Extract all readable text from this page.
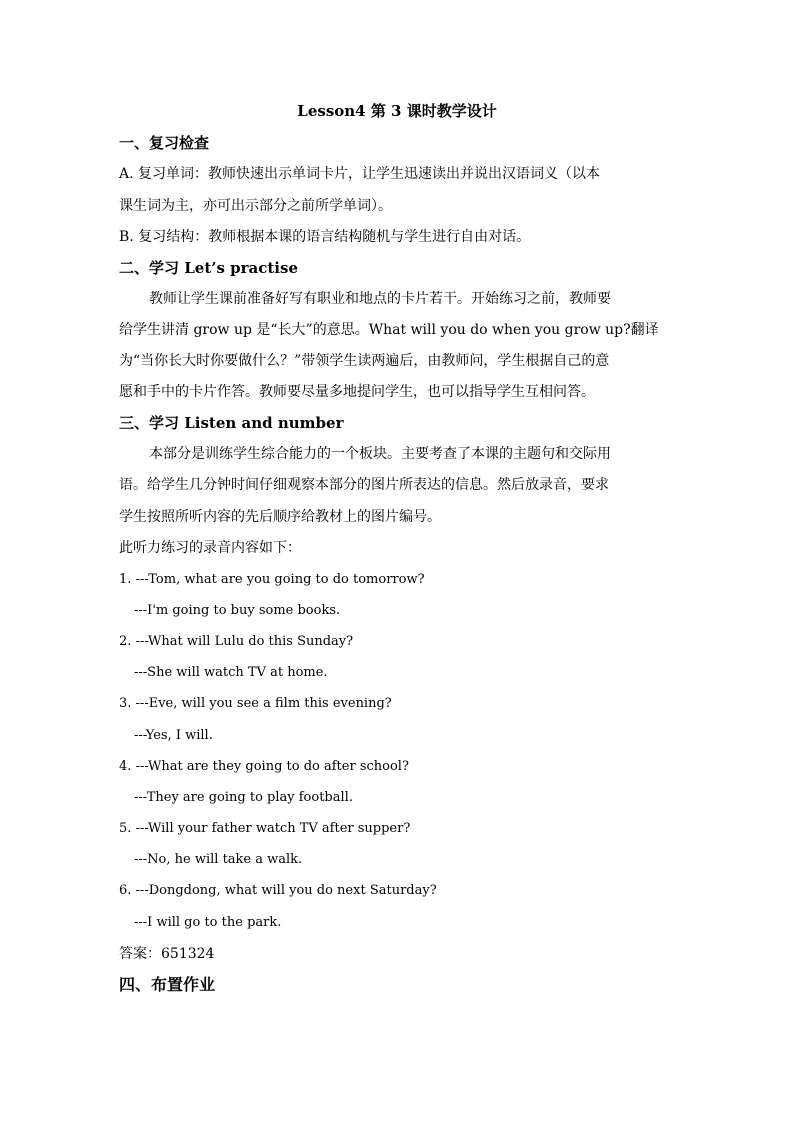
Lesson4 第 3 课时教学设计
一、复习检查
A. 复习单词：教师快速出示单词卡片，让学生迅速读出并说出汉语词义（以本
课生词为主，亦可出示部分之前所学单词）。
B. 复习结构：教师根据本课的语言结构随机与学生进行自由对话。
二、学习 Let’s practise
教师让学生课前准备好写有职业和地点的卡片若干。开始练习之前，教师要
给学生讲清 grow up 是“长大”的意思。What will you do when you grow up?翻译
为“当你长大时你要做什么？”带领学生读两遍后，由教师问，学生根据自己的意
愿和手中的卡片作答。教师要尽量多地提问学生，也可以指导学生互相问答。
三、学习 Listen and number
本部分是训练学生综合能力的一个板块。主要考查了本课的主题句和交际用
语。给学生几分钟时间仔细观察本部分的图片所表达的信息。然后放录音，要求
学生按照所听内容的先后顺序给教材上的图片编号。
此听力练习的录音内容如下：
1. ---Tom, what are you going to do tomorrow?
---I'm going to buy some books.
2. ---What will Lulu do this Sunday?
---She will watch TV at home.
3. ---Eve, will you see a film this evening?
---Yes, I will.
4. ---What are they going to do after school?
---They are going to play football.
5. ---Will your father watch TV after supper?
---No, he will take a walk.
6. ---Dongdong, what will you do next Saturday?
---I will go to the park.
答案：651324
四、布置作业
